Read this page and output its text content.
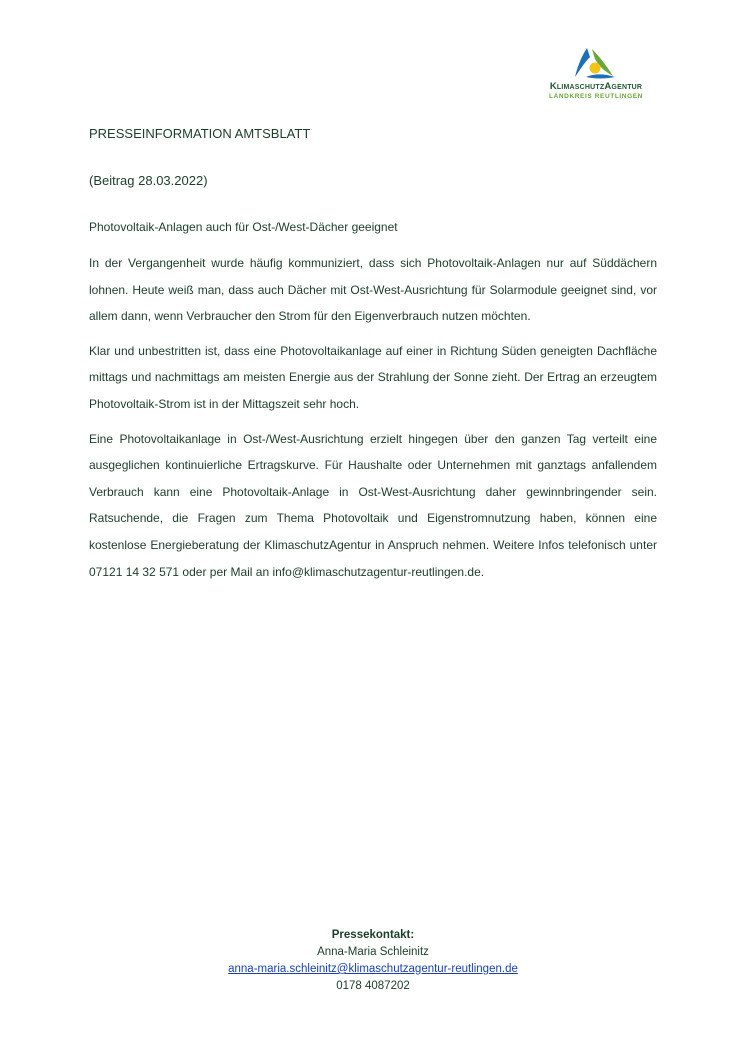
KlimaschutzAgentur
LANDKREIS REUTLINGEN
PRESSEINFORMATION AMTSBLATT
(Beitrag 28.03.2022)
Photovoltaik-Anlagen auch für Ost-/West-Dächer geeignet

In der Vergangenheit wurde häufig kommuniziert, dass sich Photovoltaik-Anlagen nur auf Süddächern lohnen. Heute weiß man, dass auch Dächer mit Ost-West-Ausrichtung für Solarmodule geeignet sind, vor allem dann, wenn Verbraucher den Strom für den Eigenverbrauch nutzen möchten.

Klar und unbestritten ist, dass eine Photovoltaikanlage auf einer in Richtung Süden geneigten Dachfläche mittags und nachmittags am meisten Energie aus der Strahlung der Sonne zieht. Der Ertrag an erzeugtem Photovoltaik-Strom ist in der Mittagszeit sehr hoch.

Eine Photovoltaikanlage in Ost-/West-Ausrichtung erzielt hingegen über den ganzen Tag verteilt eine ausgeglichen kontinuierliche Ertragskurve. Für Haushalte oder Unternehmen mit ganztags anfallendem Verbrauch kann eine Photovoltaik-Anlage in Ost-West-Ausrichtung daher gewinnbringender sein. Ratsuchende, die Fragen zum Thema Photovoltaik und Eigenstromnutzung haben, können eine kostenlose Energieberatung der KlimaschutzAgentur in Anspruch nehmen. Weitere Infos telefonisch unter 07121 14 32 571 oder per Mail an info@klimaschutzagentur-reutlingen.de.

Pressekontakt:
Anna-Maria Schleinitz
anna-maria.schleinitz@klimaschutzagentur-reutlingen.de
0178 4087202
